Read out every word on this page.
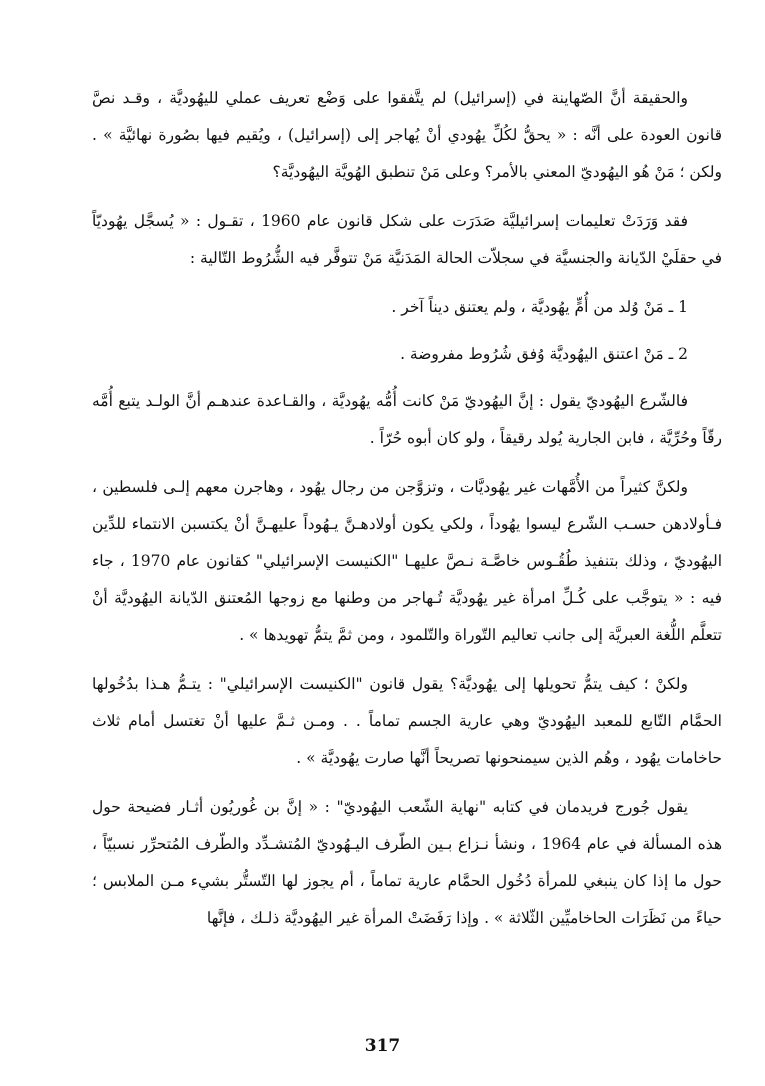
والحقيقة أنَّ الصّهاينة في (إسرائيل) لم يتَّفقوا على وَضْع تعريف عملي لليهُوديَّة ، وقـد نصَّ قانون العودة على أنَّه : « يحقُّ لكُلِّ يهُودي أنْ يُهاجر إلى (إسرائيل) ، ويُقيم فيها بصُورة نهائيَّة » . ولكن ؛ مَنْ هُو اليهُوديّ المعني بالأمر؟ وعلى مَنْ تنطبق الهُويَّة اليهُوديَّة؟

فقد وَرَدَتْ تعليمات إسرائيليَّة صَدَرَت على شكل قانون عام 1960 ، تقـول : « يُسجَّل يهُوديّاً في حقلَيْ الدّيانة والجنسيَّة في سجلاّت الحالة المَدَنيَّة مَنْ تتوفَّر فيه الشُّرُوط التّالية :

1 ـ مَنْ وُلد من أُمٍّ يهُوديَّة ، ولم يعتنق ديناً آخر .

2 ـ مَنْ اعتنق اليهُوديَّة وُفق شُرُوط مفروضة .

فالشّرع اليهُوديّ يقول : إنَّ اليهُوديّ مَنْ كانت أُمُّه يهُوديَّة ، والقـاعدة عندهـم أنَّ الولـد يتبع أُمَّه رقّاً وحُرِّيَّة ، فابن الجارية يُولد رقيقاً ، ولو كان أبوه حُرّاً .

ولكنَّ كثيراً من الأُمَّهات غير يهُوديَّات ، وتزوَّجن من رجال يهُود ، وهاجرن معهم إلـى فلسطين ، فـأولادهن حسـب الشّرع ليسوا يهُوداً ، ولكي يكون أولادهـنَّ يـهُوداً عليهـنَّ أنْ يكتسبن الانتماء للدِّين اليهُوديّ ، وذلك بتنفيذ طُقُـوس خاصَّـة نـصَّ عليهـا "الكنيست الإسرائيلي" كقانون عام 1970 ، جاء فيه : « يتوجَّب على كُـلِّ امرأة غير يهُوديَّة تُـهاجر من وطنها مع زوجها المُعتنق الدّيانة اليهُوديَّة أنْ تتعلَّم اللُّغة العبريَّة إلى جانب تعاليم التّوراة والتّلمود ، ومن ثمَّ يتمُّ تهويدها » .

ولكنْ ؛ كيف يتمُّ تحويلها إلى يهُوديَّة؟ يقول قانون "الكنيست الإسرائيلي" : يتـمُّ هـذا بدُخُولها الحمَّام التّابع للمعبد اليهُوديّ وهي عارية الجسم تماماً . . ومـن ثـمَّ عليها أنْ تغتسل أمام ثلاث حاخامات يهُود ، وهُم الذين سيمنحونها تصريحاً أنَّها صارت يهُوديَّة » .

يقول جُورج فريدمان في كتابه "نهاية الشّعب اليهُوديّ" : « إنَّ بن غُوريُون أثـار فضيحة حول هذه المسألة في عام 1964 ، ونشأ نـزاع بـين الطّرف اليـهُوديّ المُتشـدِّد والطّرف المُتحرِّر نسبيّاً ، حول ما إذا كان ينبغي للمرأة دُخُول الحمَّام عارية تماماً ، أم يجوز لها التّستُّر بشيء مـن الملابس ؛ حياءً من نَظَرَات الحاخاميِّين الثّلاثة » . وإذا رَفَضَتْ المرأة غير اليهُوديَّة ذلـك ، فإنَّها

317
